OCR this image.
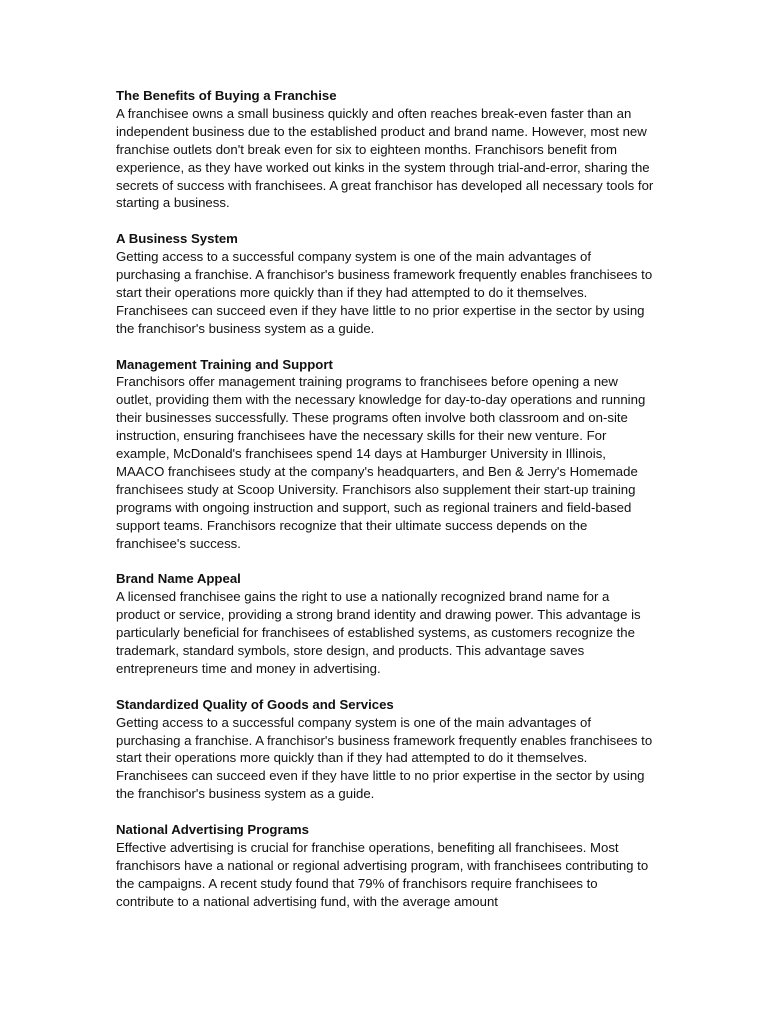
The Benefits of Buying a Franchise

A franchisee owns a small business quickly and often reaches break-even faster than an independent business due to the established product and brand name. However, most new franchise outlets don't break even for six to eighteen months. Franchisors benefit from experience, as they have worked out kinks in the system through trial-and-error, sharing the secrets of success with franchisees. A great franchisor has developed all necessary tools for starting a business.

A Business System

Getting access to a successful company system is one of the main advantages of purchasing a franchise. A franchisor's business framework frequently enables franchisees to start their operations more quickly than if they had attempted to do it themselves. Franchisees can succeed even if they have little to no prior expertise in the sector by using the franchisor's business system as a guide.

Management Training and Support

Franchisors offer management training programs to franchisees before opening a new outlet, providing them with the necessary knowledge for day-to-day operations and running their businesses successfully. These programs often involve both classroom and on-site instruction, ensuring franchisees have the necessary skills for their new venture. For example, McDonald's franchisees spend 14 days at Hamburger University in Illinois, MAACO franchisees study at the company's headquarters, and Ben & Jerry's Homemade franchisees study at Scoop University. Franchisors also supplement their start-up training programs with ongoing instruction and support, such as regional trainers and field-based support teams. Franchisors recognize that their ultimate success depends on the franchisee's success.

Brand Name Appeal

A licensed franchisee gains the right to use a nationally recognized brand name for a product or service, providing a strong brand identity and drawing power. This advantage is particularly beneficial for franchisees of established systems, as customers recognize the trademark, standard symbols, store design, and products. This advantage saves entrepreneurs time and money in advertising.

Standardized Quality of Goods and Services

Getting access to a successful company system is one of the main advantages of purchasing a franchise. A franchisor's business framework frequently enables franchisees to start their operations more quickly than if they had attempted to do it themselves. Franchisees can succeed even if they have little to no prior expertise in the sector by using the franchisor's business system as a guide.

National Advertising Programs

Effective advertising is crucial for franchise operations, benefiting all franchisees. Most franchisors have a national or regional advertising program, with franchisees contributing to the campaigns. A recent study found that 79% of franchisors require franchisees to contribute to a national advertising fund, with the average amount
